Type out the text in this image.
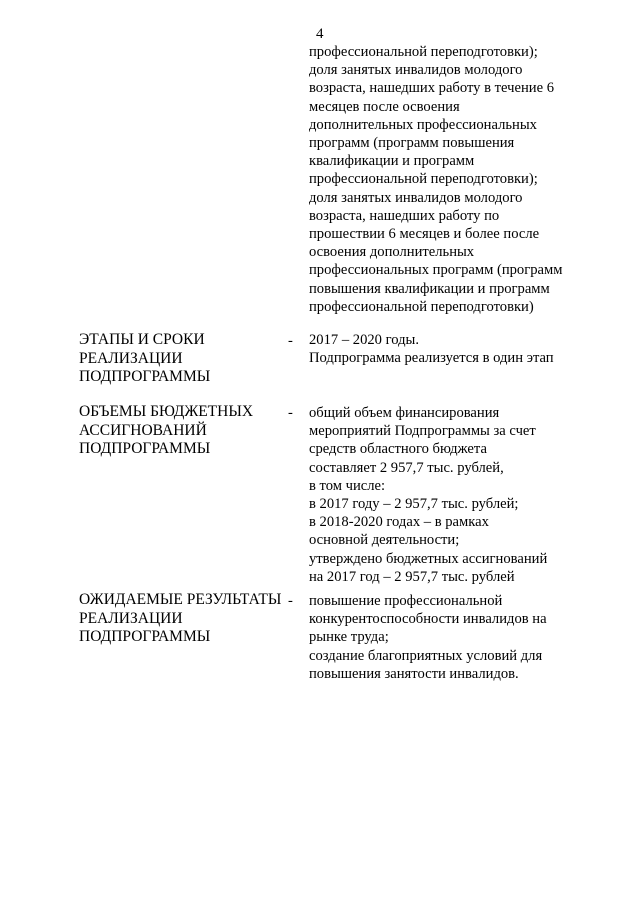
4
профессиональной переподготовки);
доля занятых инвалидов молодого
возраста, нашедших работу в течение 6
месяцев после освоения
дополнительных профессиональных
программ (программ повышения
квалификации и программ
профессиональной переподготовки);
доля занятых инвалидов молодого
возраста, нашедших работу по
прошествии 6 месяцев и более после
освоения дополнительных
профессиональных программ (программ
повышения квалификации и программ
профессиональной переподготовки)
ЭТАПЫ И СРОКИ
РЕАЛИЗАЦИИ
ПОДПРОГРАММЫ
- 2017 – 2020 годы.
Подпрограмма реализуется в один этап
ОБЪЕМЫ БЮДЖЕТНЫХ
АССИГНОВАНИЙ
ПОДПРОГРАММЫ
- общий объем финансирования
мероприятий Подпрограммы за счет
средств областного бюджета
составляет 2 957,7 тыс. рублей,
в том числе:
в 2017 году – 2 957,7 тыс. рублей;
в 2018-2020 годах – в рамках
основной деятельности;
утверждено бюджетных ассигнований
на 2017 год – 2 957,7 тыс. рублей
ОЖИДАЕМЫЕ РЕЗУЛЬТАТЫ
РЕАЛИЗАЦИИ
ПОДПРОГРАММЫ
- повышение профессиональной
конкурентоспособности инвалидов на
рынке труда;
создание благоприятных условий для
повышения занятости инвалидов.
